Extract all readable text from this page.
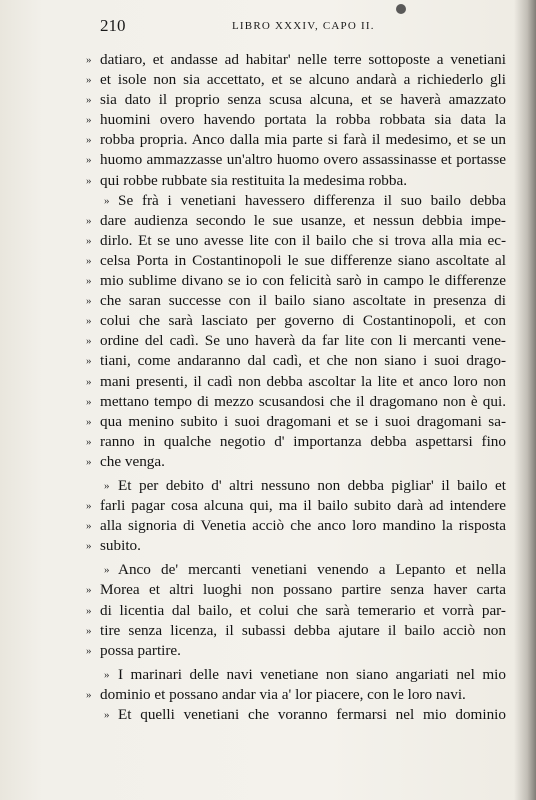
210	LIBRO XXXIV, CAPO II.
» datiaro, et andasse ad habitar' nelle terre sottoposte a venetiani
» et isole non sia accettato, et se alcuno andarà a richiederlo gli
» sia dato il proprio senza scusa alcuna, et se haverà amazzato
» huomini overo havendo portata la robba robbata sia data la
» robba propria. Anco dalla mia parte si farà il medesimo, et se un
» huomo ammazzasse un'altro huomo overo assassinasse et portasse
» qui robbe rubbate sia restituita la medesima robba.
» Se frà i venetiani havessero differenza il suo bailo debba
» dare audienza secondo le sue usanze, et nessun debbia impe-
» dirlo. Et se uno avesse lite con il bailo che si trova alla mia ec-
» celsa Porta in Costantinopoli le sue differenze siano ascoltate al
» mio sublime divano se io con felicità sarò in campo le differenze
» che saran successe con il bailo siano ascoltate in presenza di
» colui che sarà lasciato per governo di Costantinopoli, et con
» ordine del cadì. Se uno haverà da far lite con li mercanti vene-
» tiani, come andaranno dal cadì, et che non siano i suoi drago-
» mani presenti, il cadì non debba ascoltar la lite et anco loro non
» mettano tempo di mezzo scusandosi che il dragomano non è qui.
» qua menino subito i suoi dragomani et se i suoi dragomani sa-
» ranno in qualche negotio d' importanza debba aspettarsi fino
» che venga.
» Et per debito d' altri nessuno non debba pigliar' il bailo et
» farli pagar cosa alcuna qui, ma il bailo subito darà ad intendere
» alla signoria di Venetia acciò che anco loro mandino la risposta
» subito.
» Anco de' mercanti venetiani venendo a Lepanto et nella
» Morea et altri luoghi non possano partire senza haver carta
» di licentia dal bailo, et colui che sarà temerario et vorrà par-
» tire senza licenza, il subassi debba ajutare il bailo acciò non
» possa partire.
» I marinari delle navi venetiane non siano angariati nel mio
» dominio et possano andar via a' lor piacere, con le loro navi.
» Et quelli venetiani che voranno fermarsi nel mio dominio
